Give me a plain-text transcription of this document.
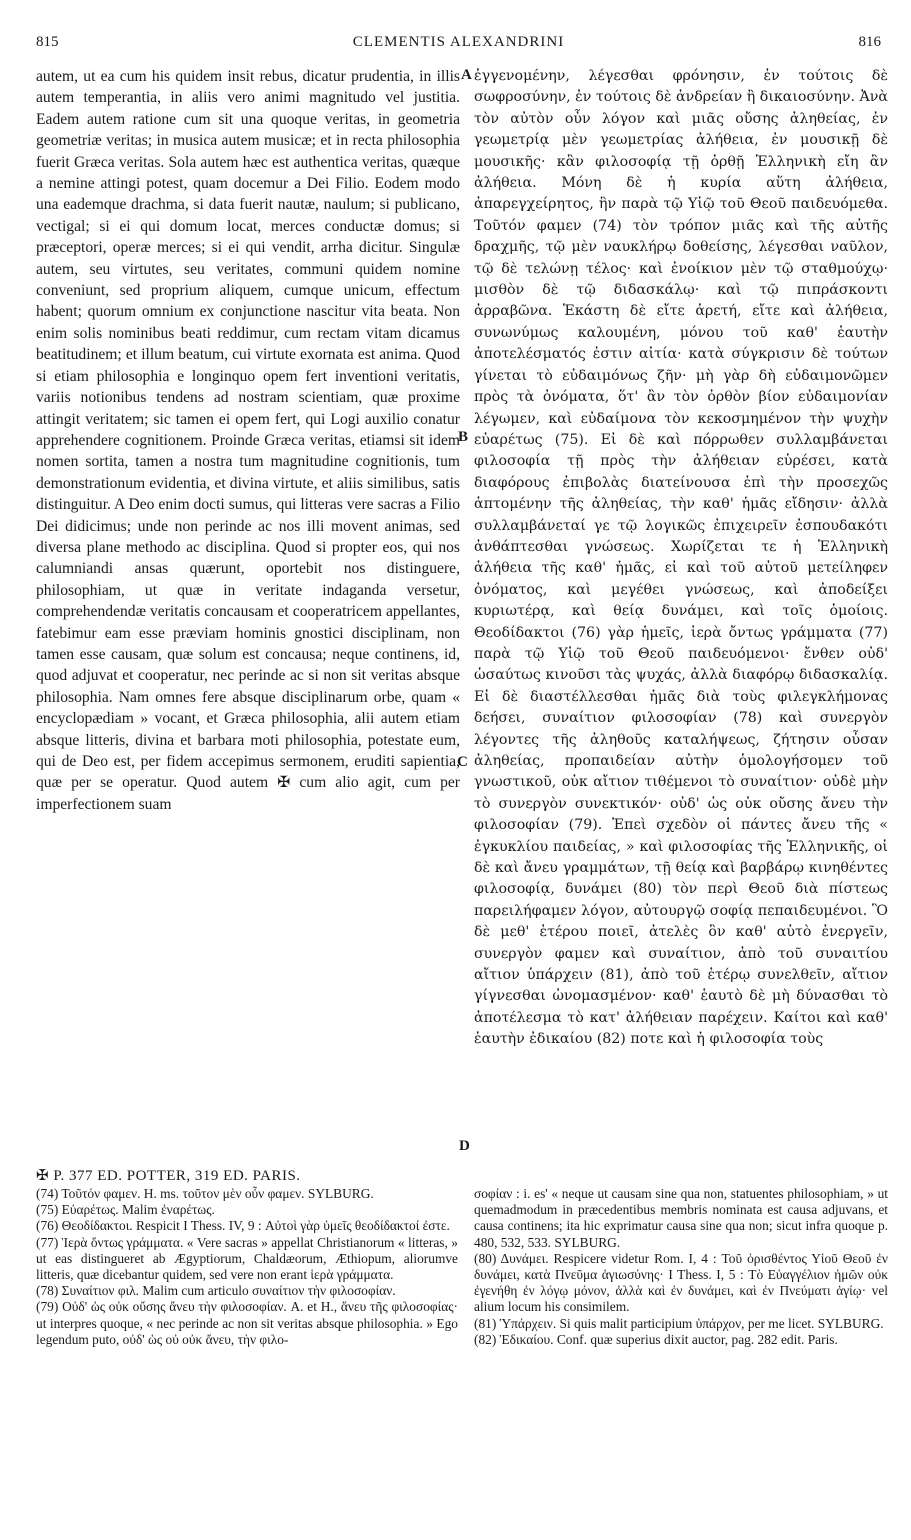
815	CLEMENTIS ALEXANDRINI	816

autem, ut ea cum his quidem insit rebus, dicatur prudentia, in illis autem temperantia, in aliis vero animi magnitudo vel justitia. Eadem autem ratione cum sit una quoque veritas, in geometria geometriæ veritas; in musica autem musicæ; et in recta philosophia fuerit Græca veritas. Sola autem hæc est authentica veritas, quæque a nemine attingi potest, quam docemur a Dei Filio. Eodem modo una eademque drachma, si data fuerit nautæ, naulum; si publicano, vectigal; si ei qui domum locat, merces conductæ domus; si præceptori, operæ merces; si ei qui vendit, arrha dicitur. Singulæ autem, seu virtutes, seu veritates, communi quidem nomine conveniunt, sed proprium aliquem, cumque unicum, effectum habent; quorum omnium ex conjunctione nascitur vita beata. Non enim solis nominibus beati reddimur, cum rectam vitam dicamus beatitudinem; et illum beatum, cui virtute exornata est anima. Quod si etiam philosophia e longinquo opem fert inventioni veritatis, variis notionibus tendens ad nostram scientiam, quæ proxime attingit veritatem; sic tamen ei opem fert, qui Logi auxilio conatur apprehendere cognitionem. Proinde Græca veritas, etiamsi sit idem nomen sortita, tamen a nostra tum magnitudine cognitionis, tum demonstrationum evidentia, et divina virtute, et aliis similibus, satis distinguitur. A Deo enim docti sumus, qui litteras vere sacras a Filio Dei didicimus; unde non perinde ac nos illi movent animas, sed diversa plane methodo ac disciplina. Quod si propter eos, qui nos calumniandi ansas quærunt, oportebit nos distinguere, philosophiam, ut quæ in veritate indaganda versetur, comprehendendæ veritatis concausam et cooperatricem appellantes, fatebimur eam esse præviam hominis gnostici disciplinam, non tamen esse causam, quæ solum est concausa; neque continens, id, quod adjuvat et cooperatur, nec perinde ac si non sit veritas absque philosophia. Nam omnes fere absque disciplinarum orbe, quam « encyclopædiam » vocant, et Græca philosophia, alii autem etiam absque litteris, divina et barbara moti philosophia, potestate eum, qui de Deo est, per fidem accepimus sermonem, eruditi sapientia, quæ per se operatur. Quod autem ✠ cum alio agit, cum per imperfectionem suam

ἐγγενομένην, λέγεσθαι φρόνησιν, ἐν τούτοις δὲ σωφροσύνην, ἐν τούτοις δὲ ἀνδρείαν ἢ δικαιοσύνην. Ἀνὰ τὸν αὐτὸν οὖν λόγον καὶ μιᾶς οὔσης ἀληθείας, ἐν γεωμετρίᾳ μὲν γεωμετρίας ἀλήθεια, ἐν μουσικῇ δὲ μουσικῆς· κἂν φιλοσοφίᾳ τῇ ὀρθῇ Ἑλληνικὴ εἴη ἂν ἀλήθεια. Μόνη δὲ ἡ κυρία αὕτη ἀλήθεια, ἀπαρεγχείρητος, ἣν παρὰ τῷ Υἱῷ τοῦ Θεοῦ παιδευόμεθα. Τοῦτόν φαμεν (74) τὸν τρόπον μιᾶς καὶ τῆς αὐτῆς δραχμῆς, τῷ μὲν ναυκλήρῳ δοθείσης, λέγεσθαι ναῦλον, τῷ δὲ τελώνῃ τέλος· καὶ ἐνοίκιον μὲν τῷ σταθμούχῳ· μισθὸν δὲ τῷ διδασκάλῳ· καὶ τῷ πιπράσκοντι ἀρραβῶνα. Ἑκάστη δὲ εἴτε ἀρετή, εἴτε καὶ ἀλήθεια, συνωνύμως καλουμένη, μόνου τοῦ καθ' ἑαυτὴν ἀποτελέσματός ἐστιν αἰτία· κατὰ σύγκρισιν δὲ τούτων γίνεται τὸ εὐδαιμόνως ζῆν· μὴ γὰρ δὴ εὐδαιμονῶμεν πρὸς τὰ ὀνόματα, ὅτ' ἂν τὸν ὀρθὸν βίον εὐδαιμονίαν λέγωμεν, καὶ εὐδαίμονα τὸν κεκοσμημένον τὴν ψυχὴν εὐαρέτως (75). Εἰ δὲ καὶ πόρρωθεν συλλαμβάνεται φιλοσοφία τῇ πρὸς τὴν ἀλήθειαν εὑρέσει, κατὰ διαφόρους ἐπιβολὰς διατείνουσα ἐπὶ τὴν προσεχῶς ἁπτομένην τῆς ἀληθείας, τὴν καθ' ἡμᾶς εἴδησιν· ἀλλὰ συλλαμβάνεταί γε τῷ λογικῶς ἐπιχειρεῖν ἐσπουδακότι ἀνθάπτεσθαι γνώσεως. Χωρίζεται τε ἡ Ἑλληνικὴ ἀλήθεια τῆς καθ' ἡμᾶς, εἰ καὶ τοῦ αὐτοῦ μετείληφεν ὀνόματος, καὶ μεγέθει γνώσεως, καὶ ἀποδείξει κυριωτέρᾳ, καὶ θείᾳ δυνάμει, καὶ τοῖς ὁμοίοις. Θεοδίδακτοι (76) γὰρ ἡμεῖς, ἱερὰ ὄντως γράμματα (77) παρὰ τῷ Υἱῷ τοῦ Θεοῦ παιδευόμενοι· ἔνθεν οὐδ' ὡσαύτως κινοῦσι τὰς ψυχάς, ἀλλὰ διαφόρῳ διδασκαλίᾳ. Εἰ δὲ διαστέλλεσθαι ἡμᾶς διὰ τοὺς φιλεγκλήμονας δεήσει, συναίτιον φιλοσοφίαν (78) καὶ συνεργὸν λέγοντες τῆς ἀληθοῦς καταλήψεως, ζήτησιν οὖσαν ἀληθείας, προπαιδείαν αὐτὴν ὁμολογήσομεν τοῦ γνωστικοῦ, οὐκ αἴτιον τιθέμενοι τὸ συναίτιον· οὐδὲ μὴν τὸ συνεργὸν συνεκτικόν· οὐδ' ὡς οὐκ οὔσης ἄνευ τὴν φιλοσοφίαν (79). Ἐπεὶ σχεδὸν οἱ πάντες ἄνευ τῆς « ἐγκυκλίου παιδείας, » καὶ φιλοσοφίας τῆς Ἑλληνικῆς, οἱ δὲ καὶ ἄνευ γραμμάτων, τῇ θείᾳ καὶ βαρβάρῳ κινηθέντες φιλοσοφίᾳ, δυνάμει (80) τὸν περὶ Θεοῦ διὰ πίστεως παρειλήφαμεν λόγον, αὐτουργῷ σοφίᾳ πεπαιδευμένοι. Ὃ δὲ μεθ' ἑτέρου ποιεῖ, ἀτελὲς ὂν καθ' αὑτὸ ἐνεργεῖν, συνεργὸν φαμεν καὶ συναίτιον, ἀπὸ τοῦ συναιτίου αἴτιον ὑπάρχειν (81), ἀπὸ τοῦ ἑτέρῳ συνελθεῖν, αἴτιον γίγνεσθαι ὠνομασμένον· καθ' ἑαυτὸ δὲ μὴ δύνασθαι τὸ ἀποτέλεσμα τὸ κατ' ἀλήθειαν παρέχειν. Καίτοι καὶ καθ' ἑαυτὴν ἐδικαίου (82) ποτε καὶ ἡ φιλοσοφία τοὺς

A
B
C
D
✠ P. 377 ED. POTTER, 319 ED. PARIS.

(74) Τοῦτόν φαμεν. H. ms. τοῦτον μὲν οὖν φαμεν. SYLBURG.

(75) Εὐαρέτως. Malim ἐναρέτως.

(76) Θεοδίδακτοι. Respicit I Thess. IV, 9 : Αὐτοὶ γὰρ ὑμεῖς θεοδίδακτοί ἐστε.

(77) Ἱερὰ ὄντως γράμματα. « Vere sacras » appellat Christianorum « litteras, » ut eas distingueret ab Ægyptiorum, Chaldæorum, Æthiopum, aliorumve litteris, quæ dicebantur quidem, sed vere non erant ἱερὰ γράμματα.

(78) Συναίτιον φιλ. Malim cum articulo συναίτιον τὴν φιλοσοφίαν.

(79) Οὐδ' ὡς οὐκ οὔσης ἄνευ τὴν φιλοσοφίαν. A. et H., ἄνευ τῆς φιλοσοφίας· ut interpres quoque, « nec perinde ac non sit veritas absque philosophia. » Ego legendum puto, οὐδ' ὡς οὐ οὐκ ἄνευ, τὴν φιλο-

σοφίαν : i. es' « neque ut causam sine qua non, statuentes philosophiam, » ut quemadmodum in præcedentibus membris nominata est causa adjuvans, et causa continens; ita hic exprimatur causa sine qua non; sicut infra quoque p. 480, 532, 533. SYLBURG.

(80) Δυνάμει. Respicere videtur Rom. I, 4 : Τοῦ ὁρισθέντος Υἱοῦ Θεοῦ ἐν δυνάμει, κατὰ Πνεῦμα ἁγιωσύνης· I Thess. I, 5 : Τὸ Εὐαγγέλιον ἡμῶν οὐκ ἐγενήθη ἐν λόγῳ μόνον, ἀλλὰ καὶ ἐν δυνάμει, καὶ ἐν Πνεύματι ἁγίῳ· vel alium locum his consimilem.

(81) Ὑπάρχειν. Si quis malit participium ὑπάρχον, per me licet. SYLBURG.

(82) Ἐδικαίου. Conf. quæ superius dixit auctor, pag. 282 edit. Paris.
